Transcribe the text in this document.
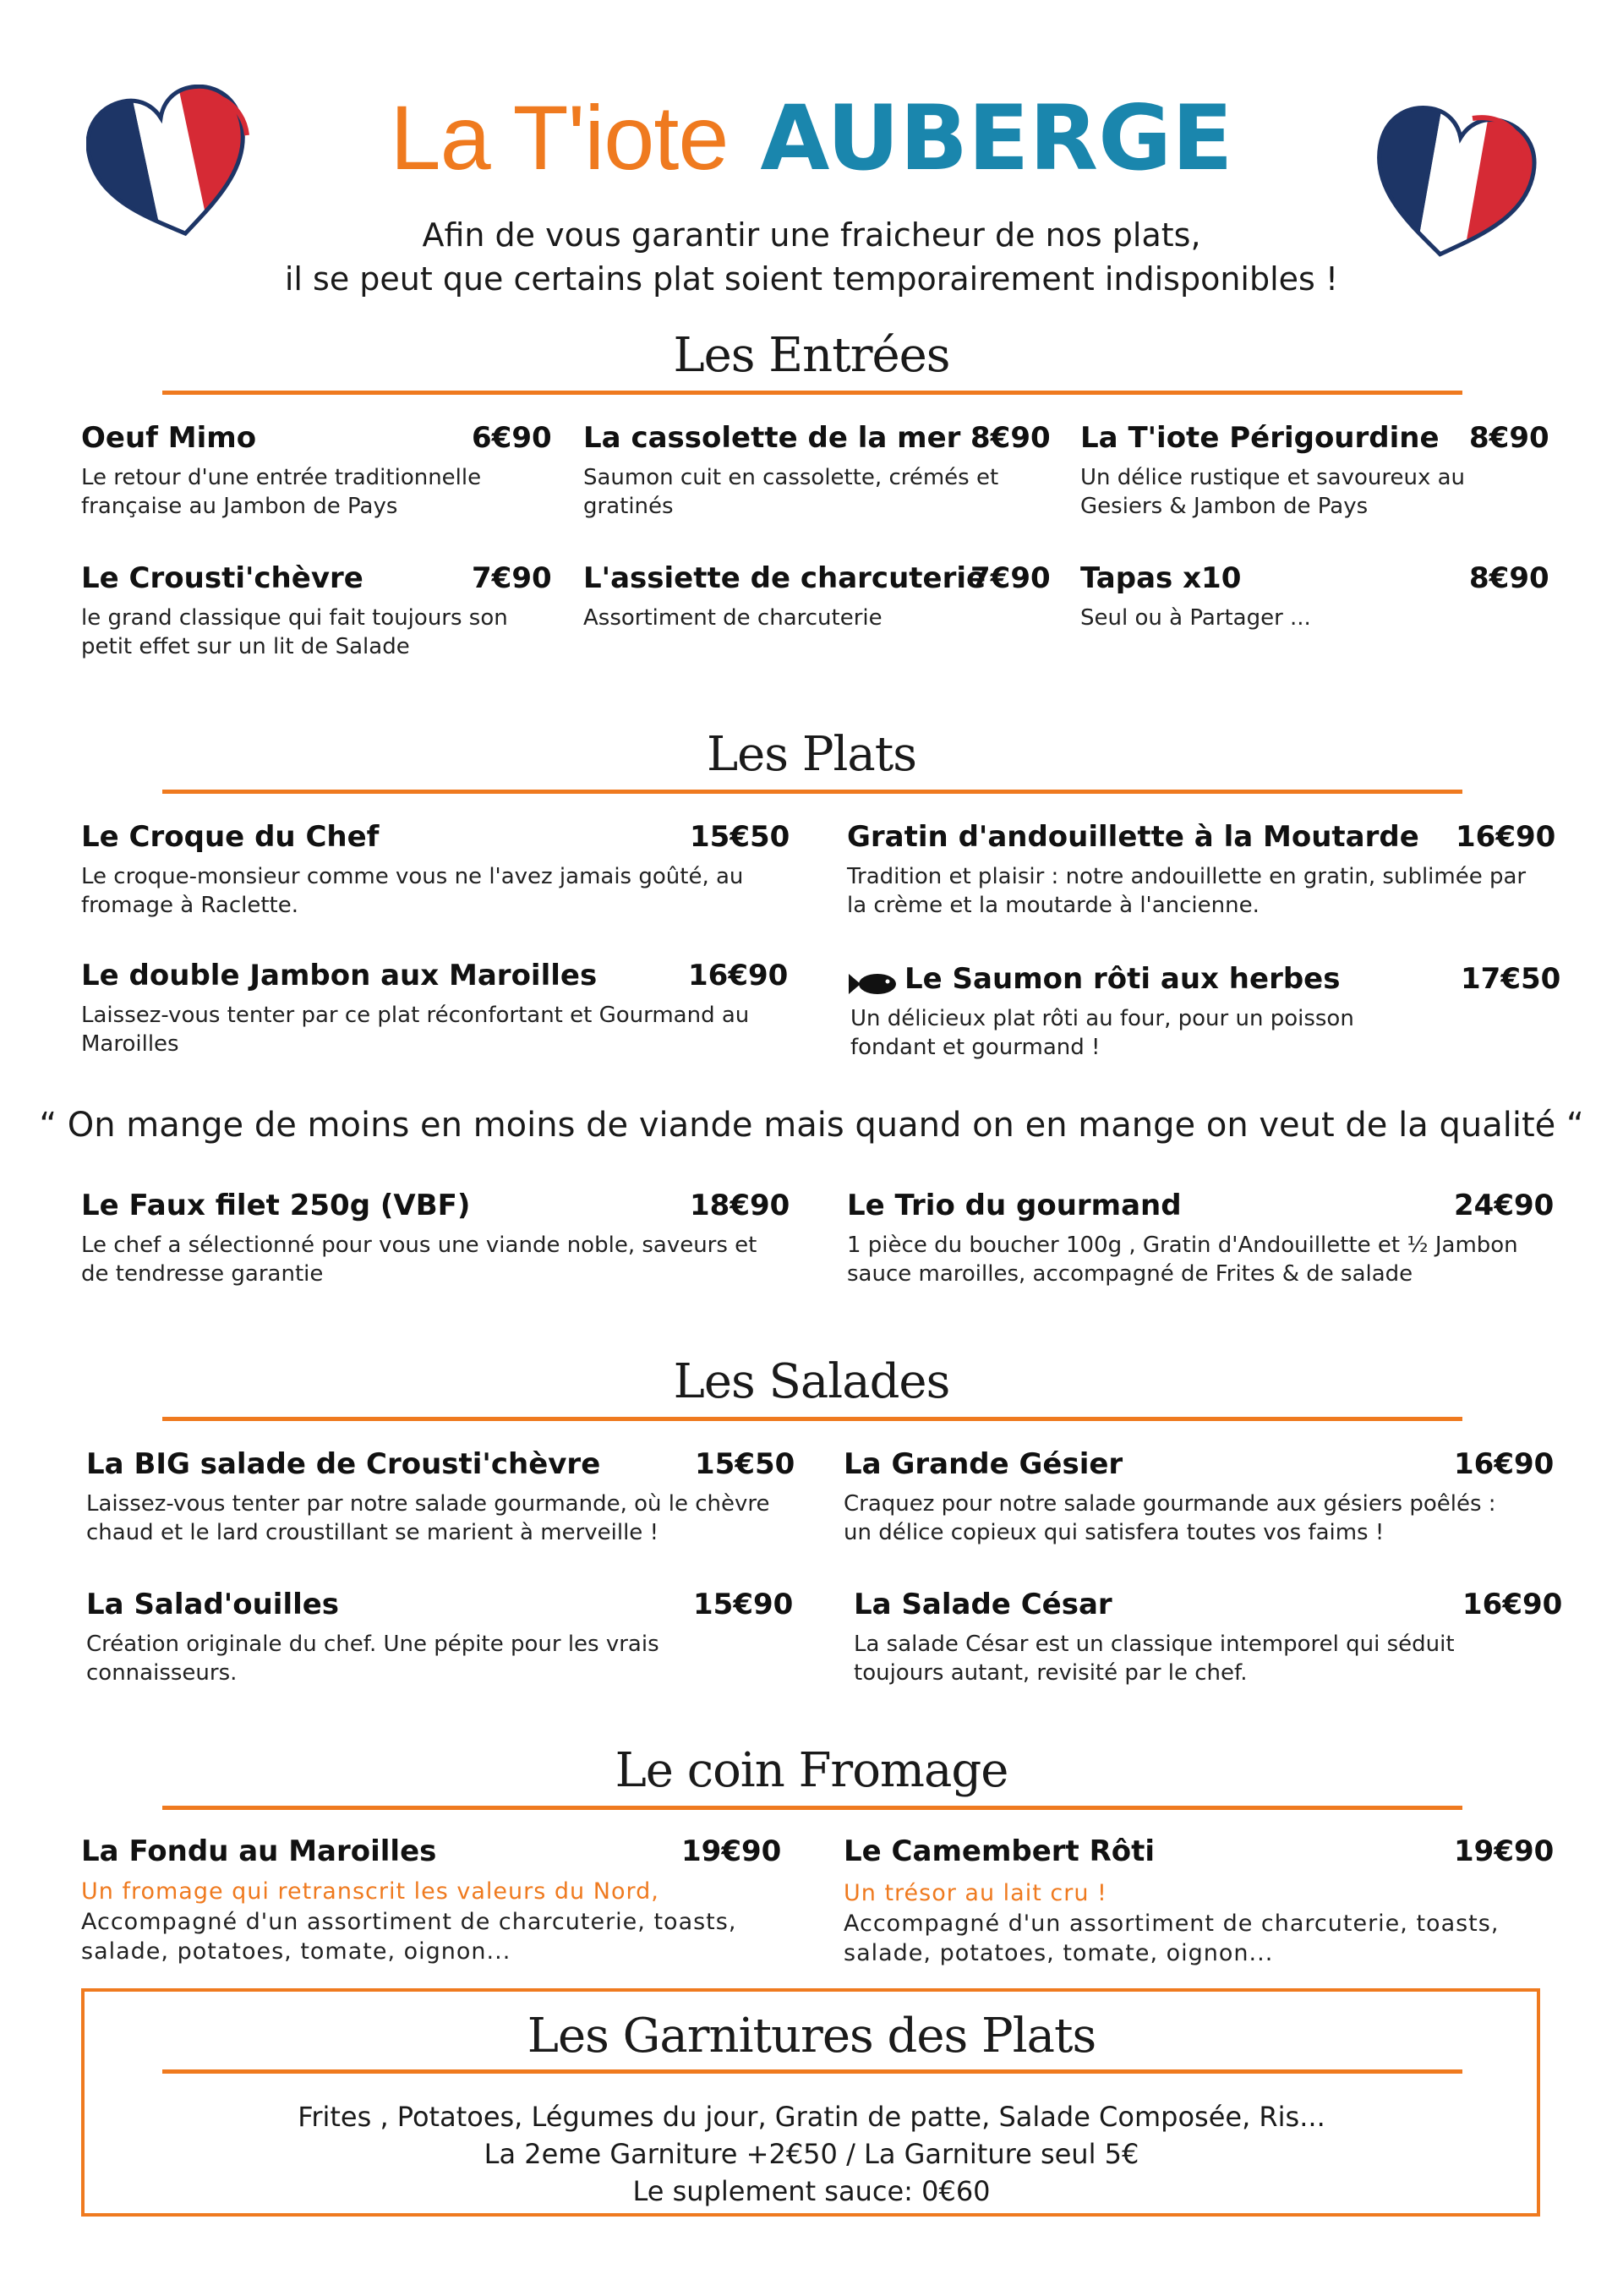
La T'iote AUBERGE
Afin de vous garantir une fraicheur de nos plats,
il se peut que certains plat soient temporairement indisponibles !
Les Entrées
Oeuf Mimo	6€90
Le retour d'une entrée traditionnelle française au Jambon de Pays
La cassolette de la mer 8€90
Saumon cuit en cassolette, crémés et gratinés
La T'iote Périgourdine 8€90
Un délice rustique et savoureux au Gesiers & Jambon de Pays
Le Crousti'chèvre	7€90
le grand classique qui fait toujours son petit effet sur un lit de Salade
L'assiette de charcuterie
7€90
Assortiment de charcuterie
Tapas x10	8€90
Seul ou à Partager ...
Les Plats
Le Croque du Chef	15€50
Le croque-monsieur comme vous ne l'avez jamais goûté, au fromage à Raclette.
Gratin d'andouillette à la Moutarde 16€90
Tradition et plaisir : notre andouillette en gratin, sublimée par la crème et la moutarde à l'ancienne.
Le double Jambon aux Maroilles	16€90
Laissez-vous tenter par ce plat réconfortant et Gourmand au Maroilles
Le Saumon rôti aux herbes	17€50
Un délicieux plat rôti au four, pour un poisson fondant et gourmand !
“ On mange de moins en moins de viande mais quand on en mange on veut de la qualité “
Le Faux filet 250g (VBF)	18€90
Le chef a sélectionné pour vous une viande noble, saveurs et de tendresse garantie
Le Trio du gourmand	24€90
1 pièce du boucher 100g , Gratin d'Andouillette et ½ Jambon sauce maroilles, accompagné de Frites & de salade
Les Salades
La BIG salade de Crousti'chèvre	15€50
Laissez-vous tenter par notre salade gourmande, où le chèvre chaud et le lard croustillant se marient à merveille !
La Grande Gésier	16€90
Craquez pour notre salade gourmande aux gésiers poêlés : un délice copieux qui satisfera toutes vos faims !
La Salad'ouilles	15€90
Création originale du chef. Une pépite pour les vrais connaisseurs.
La Salade César	16€90
La salade César est un classique intemporel qui séduit toujours autant, revisité par le chef.
Le coin Fromage
La Fondu au Maroilles	19€90
Un fromage qui retranscrit les valeurs du Nord,
Accompagné d'un assortiment de charcuterie, toasts, salade, potatoes, tomate, oignon...
Le Camembert Rôti	19€90
Un trésor au lait cru !
Accompagné d'un assortiment de charcuterie, toasts, salade, potatoes, tomate, oignon...
Les Garnitures des Plats
Frites , Potatoes, Légumes du jour, Gratin de patte, Salade Composée, Ris...
La 2eme Garniture +2€50 / La Garniture seul 5€
Le suplement sauce: 0€60
